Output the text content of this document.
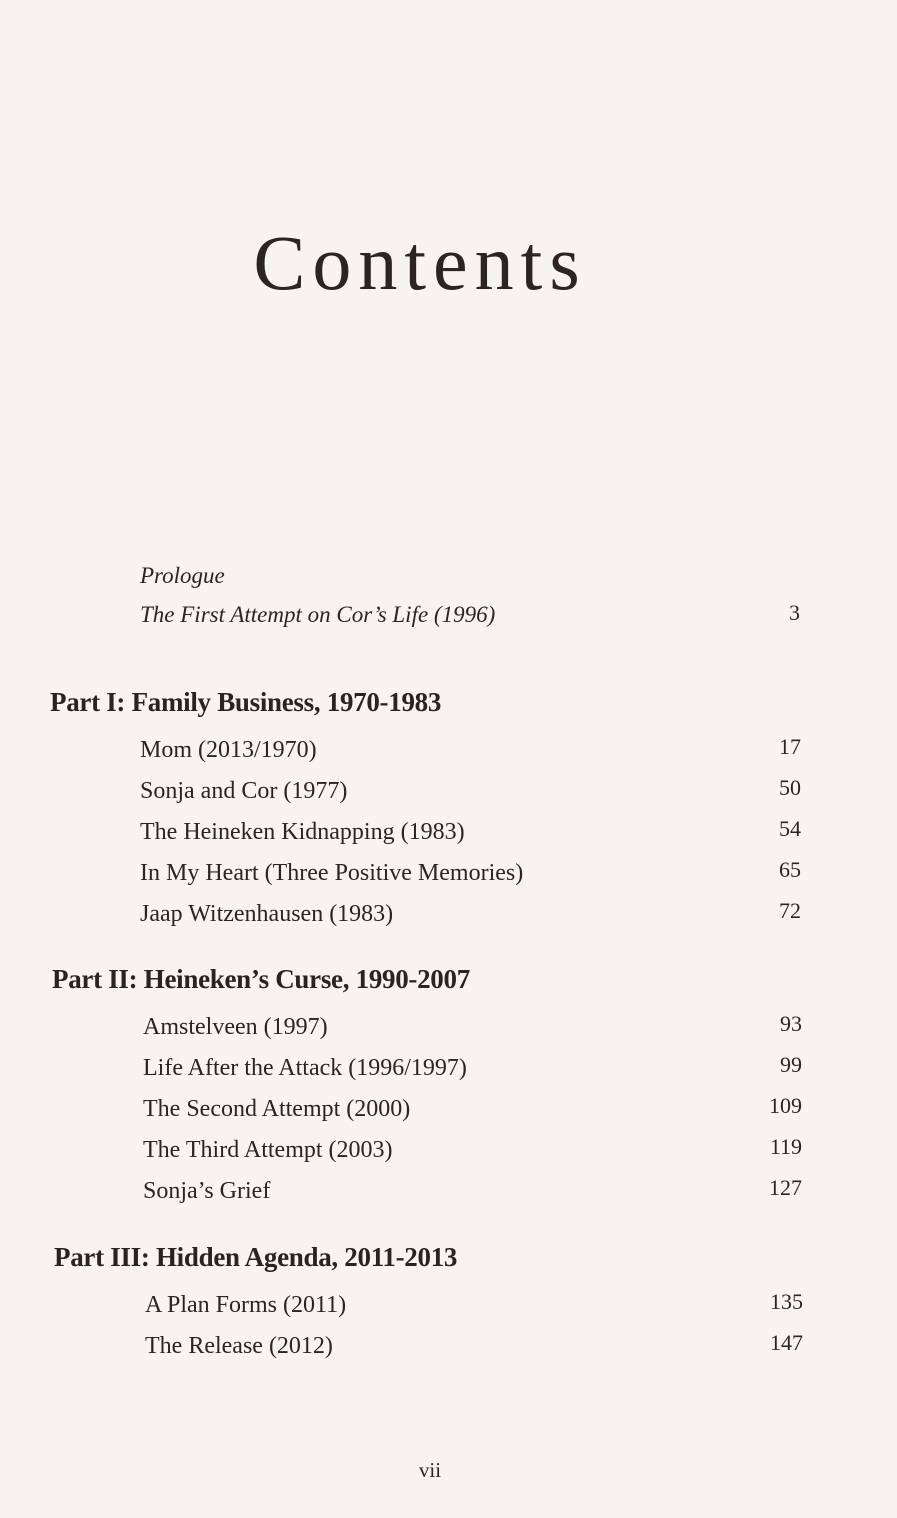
Contents
Prologue
The First Attempt on Cor’s Life (1996)	3
Part I: Family Business, 1970-1983
Mom (2013/1970)	17
Sonja and Cor (1977)	50
The Heineken Kidnapping (1983)	54
In My Heart (Three Positive Memories)	65
Jaap Witzenhausen (1983)	72
Part II: Heineken’s Curse, 1990-2007
Amstelveen (1997)	93
Life After the Attack (1996/1997)	99
The Second Attempt (2000)	109
The Third Attempt (2003)	119
Sonja’s Grief	127
Part III: Hidden Agenda, 2011-2013
A Plan Forms (2011)	135
The Release (2012)	147
vii
